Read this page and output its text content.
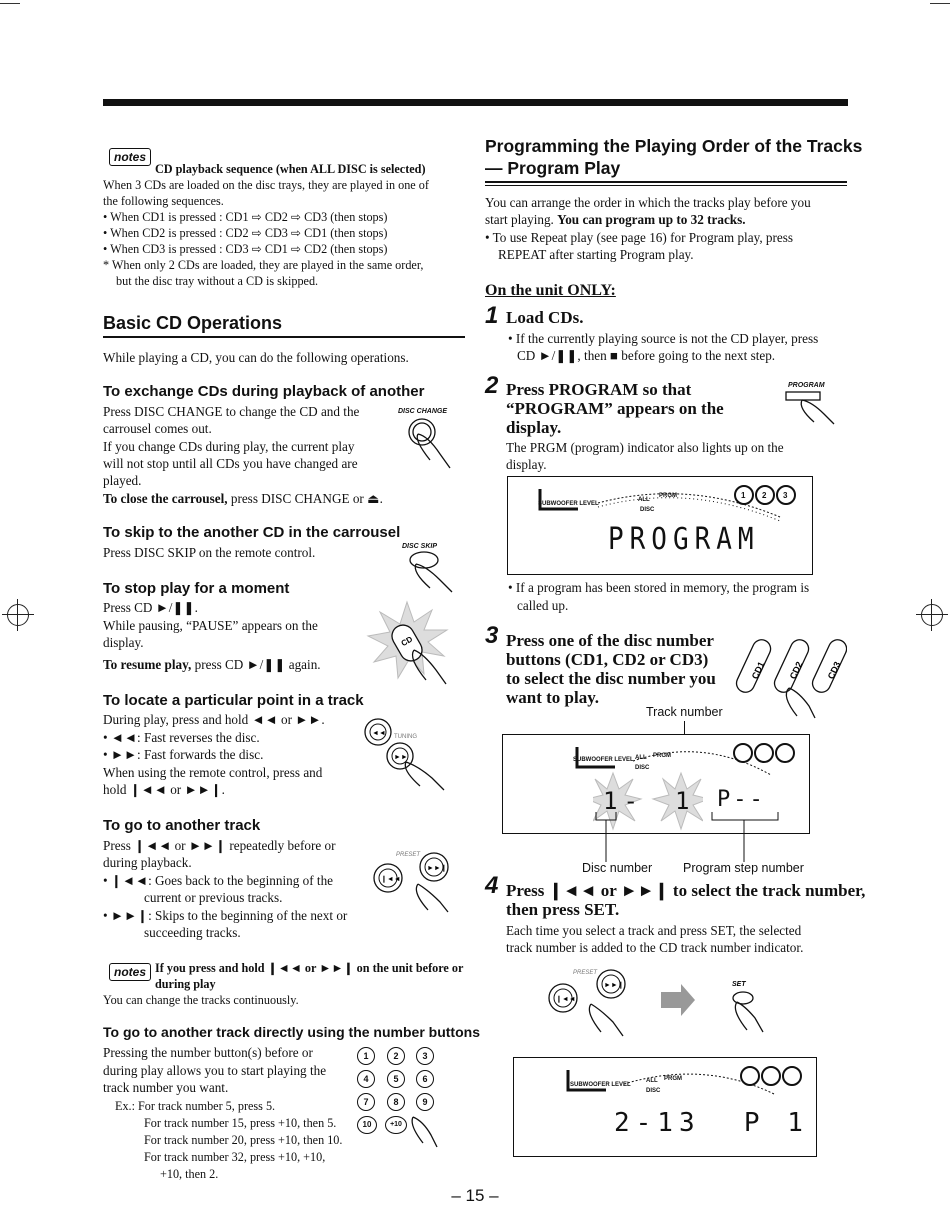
notes
CD playback sequence (when ALL DISC is selected)
When 3 CDs are loaded on the disc trays, they are played in one of
the following sequences.
• When CD1 is pressed : CD1 ⇨ CD2 ⇨ CD3 (then stops)
• When CD2 is pressed : CD2 ⇨ CD3 ⇨ CD1 (then stops)
• When CD3 is pressed : CD3 ⇨ CD1 ⇨ CD2 (then stops)
* When only 2 CDs are loaded, they are played in the same order,
but the disc tray without a CD is skipped.
Basic CD Operations
While playing a CD, you can do the following operations.
To exchange CDs during playback of another
Press DISC CHANGE to change the CD and the
carrousel comes out.
If you change CDs during play, the current play
will not stop until all CDs you have changed are
played.
To close the carrousel, press DISC CHANGE or ⏏.
DISC CHANGE
To skip to the another CD in the carrousel
Press DISC SKIP on the remote control.	DISC SKIP
To stop play for a moment
Press CD ►/❚❚.
While pausing, “PAUSE” appears on the
display.
To resume play, press CD ►/❚❚ again.
CD
To locate a particular point in a track
During play, press and hold ◄◄ or ►►.
• ◄◄: Fast reverses the disc.
• ►►: Fast forwards the disc.
When using the remote control, press and
hold ❙◄◄ or ►►❙.
◄◄
►►
TUNING
To go to another track
Press ❙◄◄ or ►►❙ repeatedly before or
during playback.
• ❙◄◄: Goes back to the beginning of the
current or previous tracks.
• ►►❙: Skips to the beginning of the next or
succeeding tracks.
PRESET
❙◄◄
►►❙
notes If you press and hold ❙◄◄ or ►►❙ on the unit before or
during play
You can change the tracks continuously.
To go to another track directly using the number buttons
Pressing the number button(s) before or
during play allows you to start playing the
track number you want.
Ex.: For track number 5, press 5.
For track number 15, press +10, then 5.
For track number 20, press +10, then 10.
For track number 32, press +10, +10,
+10, then 2.
1	2	3
4	5	6
7	8	9
10	+10
Programming the Playing Order of the Tracks
— Program Play
You can arrange the order in which the tracks play before you
start playing. You can program up to 32 tracks.
• To use Repeat play (see page 16) for Program play, press
REPEAT after starting Program play.
On the unit ONLY:
1 Load CDs.
• If the currently playing source is not the CD player, press
CD ►/❚❚, then ■ before going to the next step.
2 Press PROGRAM so that
“PROGRAM” appears on the
display.
The PRGM (program) indicator also lights up on the
display.
PROGRAM
SUBWOOFER LEVEL
ALL
PRGM
DISC
1 2 3
PROGRAM
• If a program has been stored in memory, the program is
called up.
3 Press one of the disc number
buttons (CD1, CD2 or CD3)
to select the disc number you
want to play.
CD1 CD2 CD3
Track number
SUBWOOFER LEVEL ALL PRGM
DISC
1- 1 P--
Disc number Program step number
4 Press ❙◄◄ or ►►❙ to select the track number,
then press SET.
Each time you select a track and press SET, the selected
track number is added to the CD track number indicator.
PRESET
❙◄◄
►►❙	SET
SUBWOOFER LEVEL
ALL PRGM
DISC
2-13  P 1
– 15 –
